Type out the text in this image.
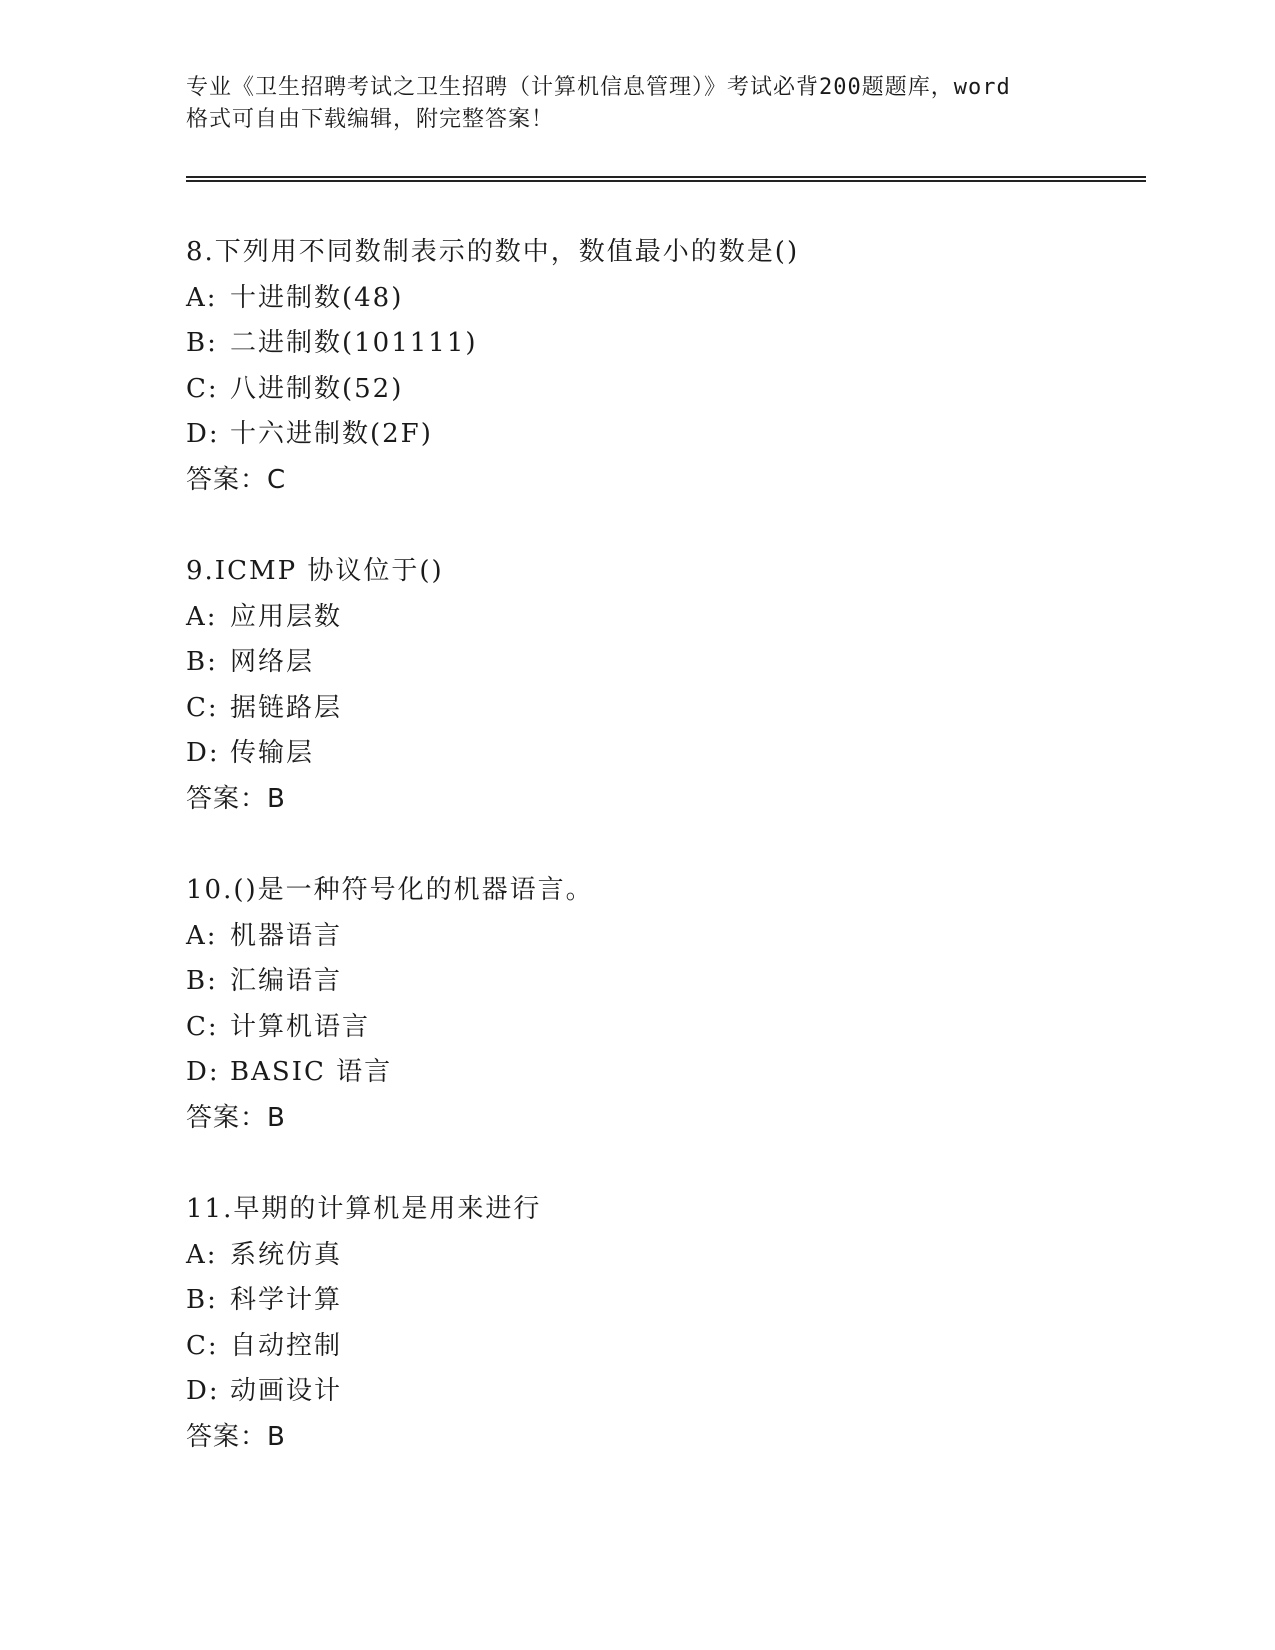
专业《卫生招聘考试之卫生招聘（计算机信息管理）》考试必背200题题库，word
格式可自由下载编辑，附完整答案！
8.下列用不同数制表示的数中，数值最小的数是()
A: 十进制数(48)
B: 二进制数(101111)
C: 八进制数(52)
D: 十六进制数(2F)
答案：C
9.ICMP 协议位于()
A: 应用层数
B: 网络层
C: 据链路层
D: 传输层
答案：B
10.()是一种符号化的机器语言。
A: 机器语言
B: 汇编语言
C: 计算机语言
D: BASIC 语言
答案：B
11.早期的计算机是用来进行
A: 系统仿真
B: 科学计算
C: 自动控制
D: 动画设计
答案：B
